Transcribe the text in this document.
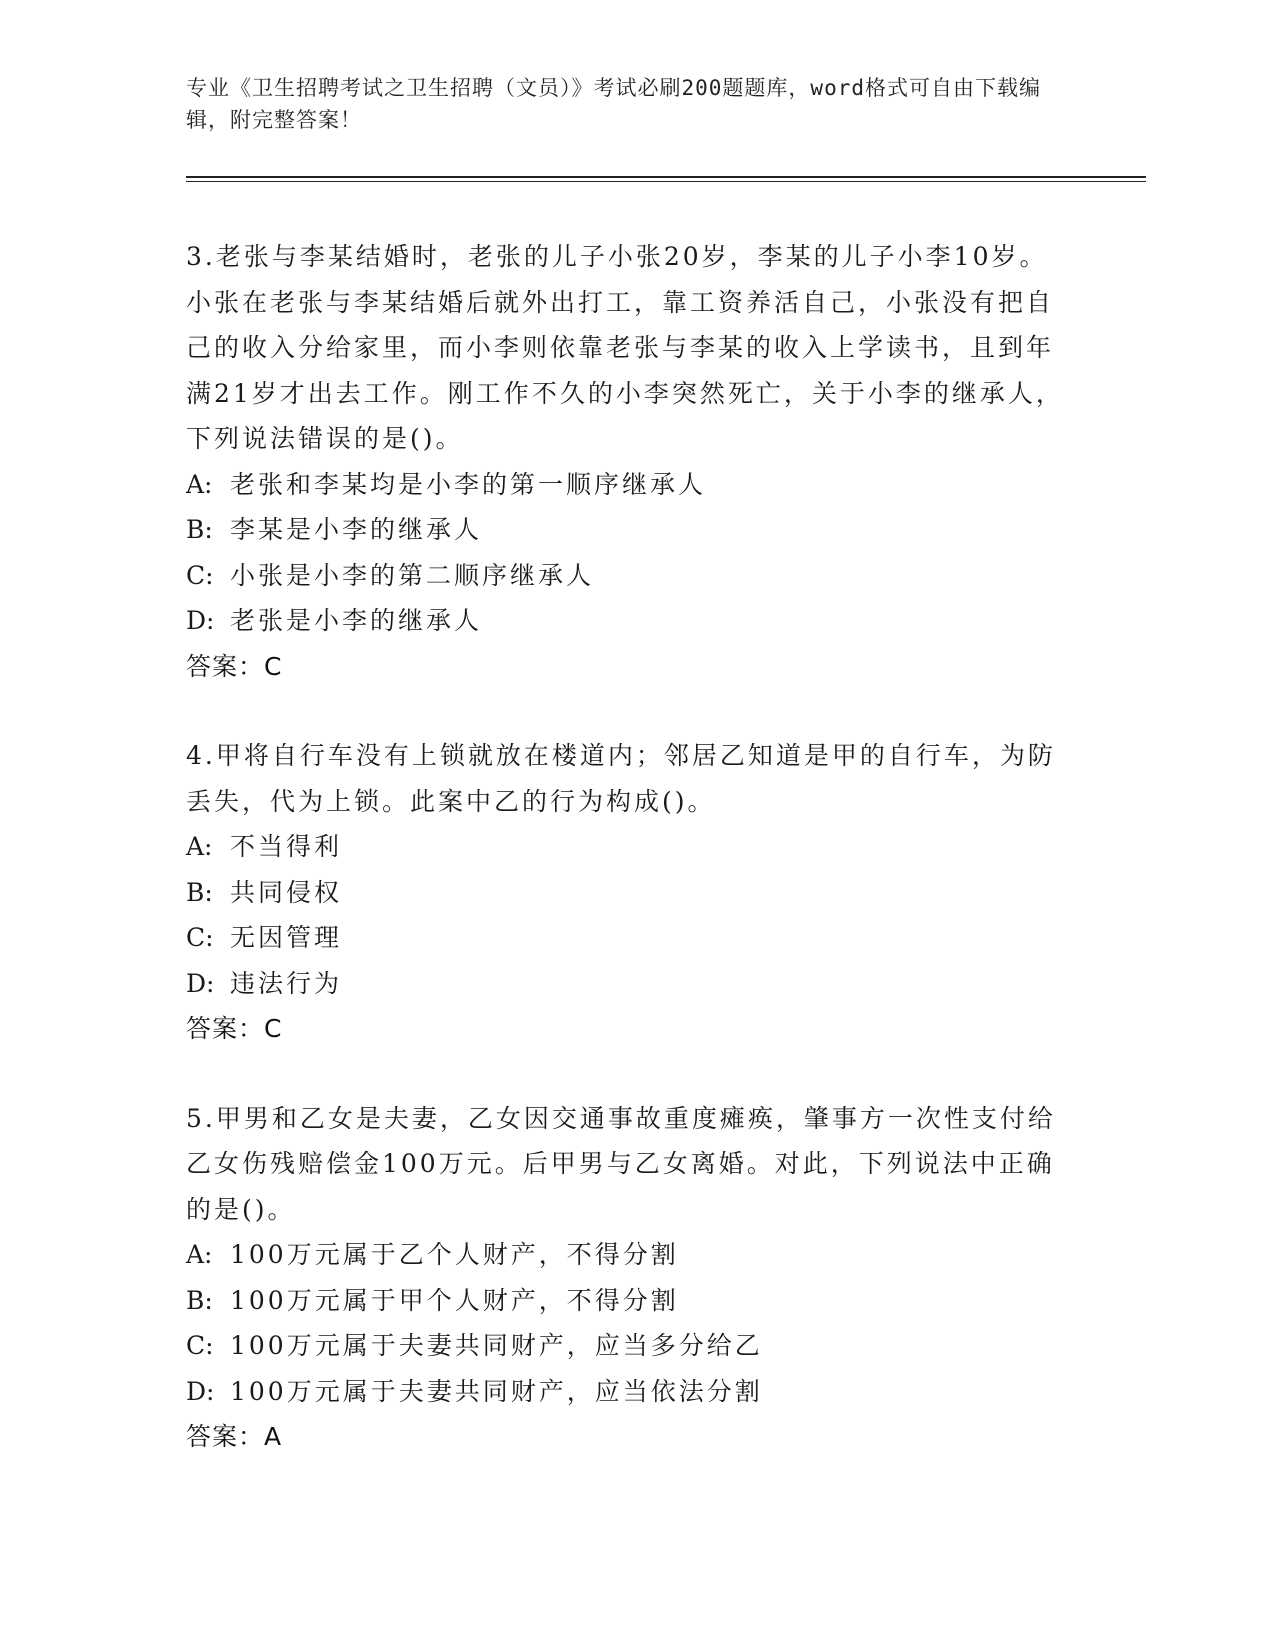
专业《卫生招聘考试之卫生招聘（文员）》考试必刷200题题库，word格式可自由下载编辑，附完整答案！

3.老张与李某结婚时，老张的儿子小张20岁，李某的儿子小李10岁。小张在老张与李某结婚后就外出打工，靠工资养活自己，小张没有把自己的收入分给家里，而小李则依靠老张与李某的收入上学读书，且到年满21岁才出去工作。刚工作不久的小李突然死亡，关于小李的继承人，下列说法错误的是()。

A: 老张和李某均是小李的第一顺序继承人

B: 李某是小李的继承人

C: 小张是小李的第二顺序继承人

D: 老张是小李的继承人

答案：C

4.甲将自行车没有上锁就放在楼道内；邻居乙知道是甲的自行车，为防丢失，代为上锁。此案中乙的行为构成()。

A: 不当得利

B: 共同侵权

C: 无因管理

D: 违法行为

答案：C

5.甲男和乙女是夫妻，乙女因交通事故重度瘫痪，肇事方一次性支付给乙女伤残赔偿金100万元。后甲男与乙女离婚。对此，下列说法中正确的是()。

A: 100万元属于乙个人财产，不得分割

B: 100万元属于甲个人财产，不得分割

C: 100万元属于夫妻共同财产，应当多分给乙

D: 100万元属于夫妻共同财产，应当依法分割

答案：A
